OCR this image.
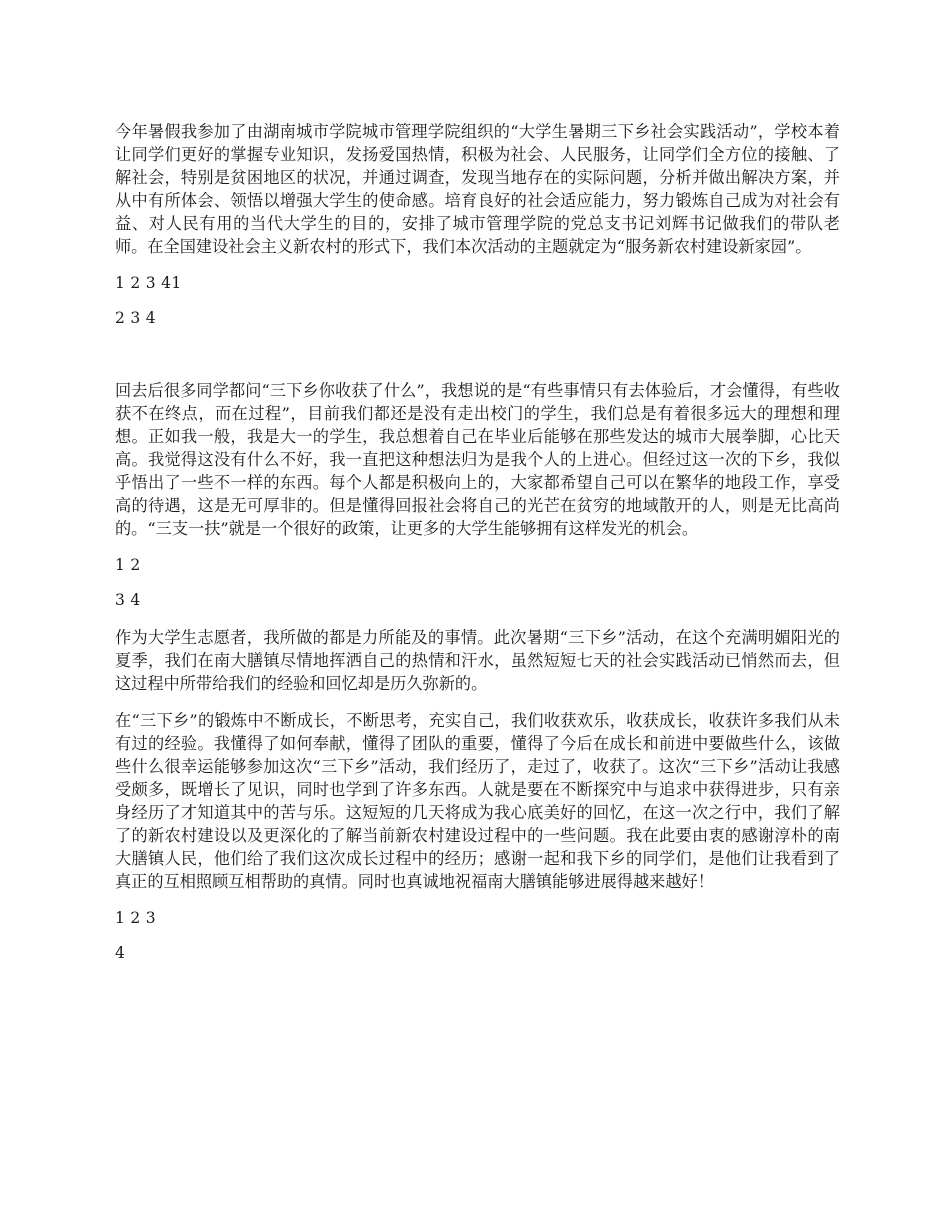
今年暑假我参加了由湖南城市学院城市管理学院组织的“大学生暑期三下乡社会实践活动”，学校本着让同学们更好的掌握专业知识，发扬爱国热情，积极为社会、人民服务，让同学们全方位的接触、了解社会，特别是贫困地区的状况，并通过调查，发现当地存在的实际问题，分析并做出解决方案，并从中有所体会、领悟以增强大学生的使命感。培育良好的社会适应能力，努力锻炼自己成为对社会有益、对人民有用的当代大学生的目的，安排了城市管理学院的党总支书记刘辉书记做我们的带队老师。在全国建设社会主义新农村的形式下，我们本次活动的主题就定为“服务新农村建设新家园”。

1 2 3 41

2 3 4

回去后很多同学都问“三下乡你收获了什么”，我想说的是“有些事情只有去体验后，才会懂得，有些收获不在终点，而在过程”，目前我们都还是没有走出校门的学生，我们总是有着很多远大的理想和理想。正如我一般，我是大一的学生，我总想着自己在毕业后能够在那些发达的城市大展拳脚，心比天高。我觉得这没有什么不好，我一直把这种想法归为是我个人的上进心。但经过这一次的下乡，我似乎悟出了一些不一样的东西。每个人都是积极向上的，大家都希望自己可以在繁华的地段工作，享受高的待遇，这是无可厚非的。但是懂得回报社会将自己的光芒在贫穷的地域散开的人，则是无比高尚的。“三支一扶”就是一个很好的政策，让更多的大学生能够拥有这样发光的机会。

1 2

3 4

作为大学生志愿者，我所做的都是力所能及的事情。此次暑期“三下乡”活动，在这个充满明媚阳光的夏季，我们在南大膳镇尽情地挥洒自己的热情和汗水，虽然短短七天的社会实践活动已悄然而去，但这过程中所带给我们的经验和回忆却是历久弥新的。

在“三下乡”的锻炼中不断成长，不断思考，充实自己，我们收获欢乐，收获成长，收获许多我们从未有过的经验。我懂得了如何奉献，懂得了团队的重要，懂得了今后在成长和前进中要做些什么，该做些什么很幸运能够参加这次“三下乡”活动，我们经历了，走过了，收获了。这次“三下乡”活动让我感受颇多，既增长了见识，同时也学到了许多东西。人就是要在不断探究中与追求中获得进步，只有亲身经历了才知道其中的苦与乐。这短短的几天将成为我心底美好的回忆，在这一次之行中，我们了解了的新农村建设以及更深化的了解当前新农村建设过程中的一些问题。我在此要由衷的感谢淳朴的南大膳镇人民，他们给了我们这次成长过程中的经历；感谢一起和我下乡的同学们，是他们让我看到了真正的互相照顾互相帮助的真情。同时也真诚地祝福南大膳镇能够进展得越来越好！

1 2 3

4
